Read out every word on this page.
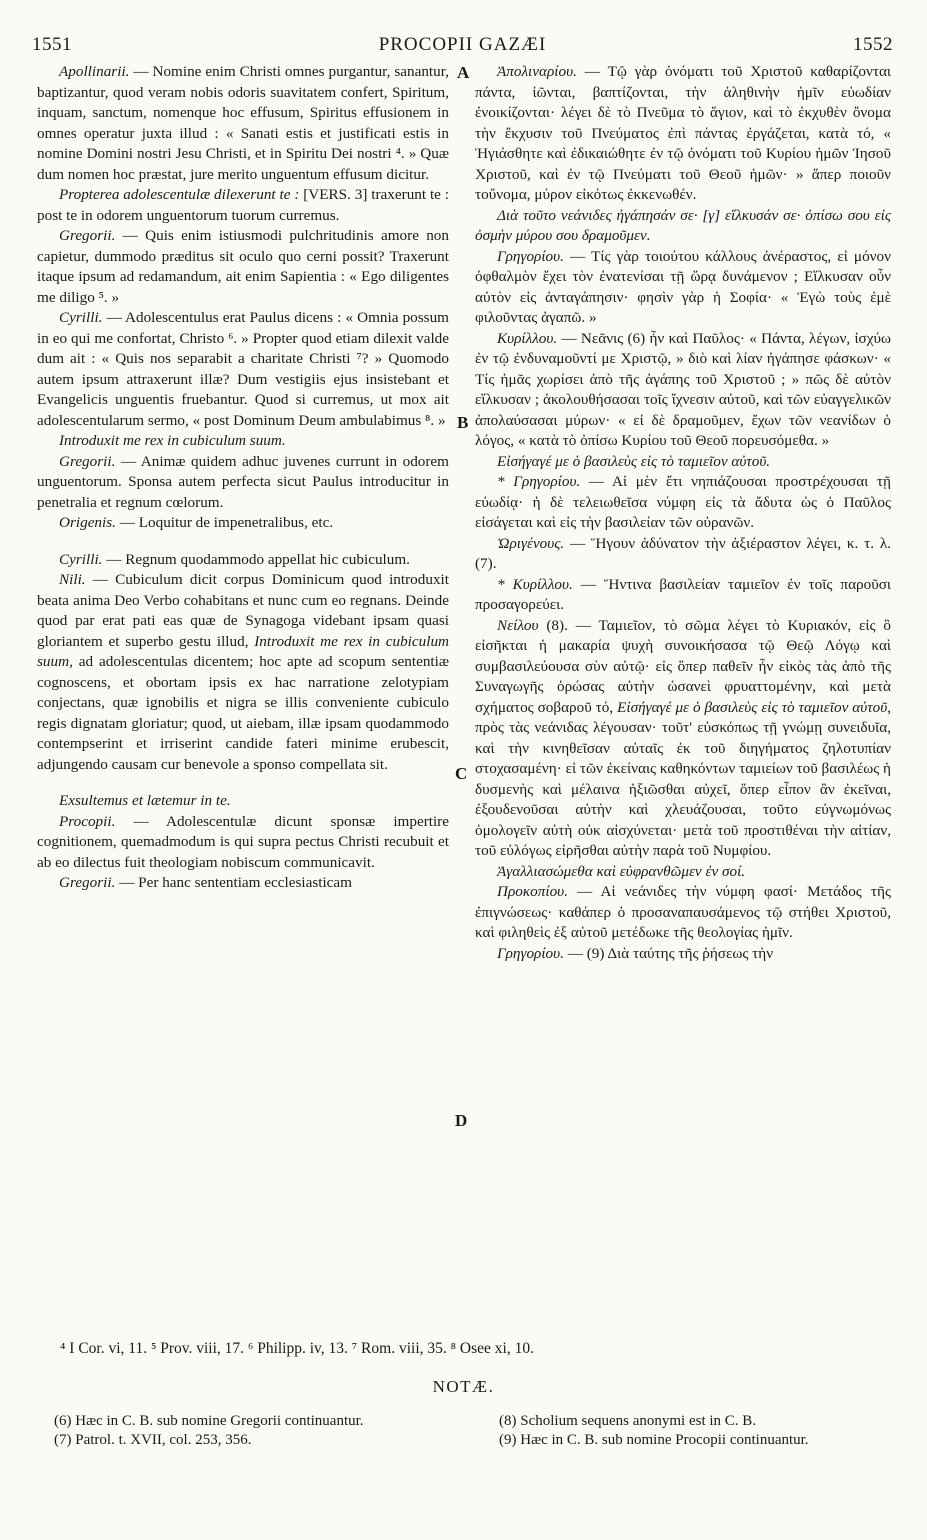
1551	PROCOPII GAZÆI	1552

Apollinarii. — Nomine enim Christi omnes purgantur, sanantur, baptizantur, quod veram nobis odoris suavitatem confert, Spiritum, inquam, sanctum, nomenque hoc effusum, Spiritus effusionem in omnes operatur juxta illud : « Sanati estis et justificati estis in nomine Domini nostri Jesu Christi, et in Spiritu Dei nostri ⁴. » Quæ dum nomen hoc præstat, jure merito unguentum effusum dicitur.

Propterea adolescentulæ dilexerunt te : [VERS. 3] traxerunt te : post te in odorem unguentorum tuorum curremus.

Gregorii. — Quis enim istiusmodi pulchritudinis amore non capietur, dummodo præditus sit oculo quo cerni possit? Traxerunt itaque ipsum ad redamandum, ait enim Sapientia : « Ego diligentes me diligo ⁵. »

Cyrilli. — Adolescentulus erat Paulus dicens : « Omnia possum in eo qui me confortat, Christo ⁶. » Propter quod etiam dilexit valde dum ait : « Quis nos separabit a charitate Christi ⁷? » Quomodo autem ipsum attraxerunt illæ? Dum vestigiis ejus insistebant et Evangelicis unguentis fruebantur. Quod si curremus, ut mox ait adolescentularum sermo, « post Dominum Deum ambulabimus ⁸. »

Introduxit me rex in cubiculum suum.

Gregorii. — Animæ quidem adhuc juvenes currunt in odorem unguentorum. Sponsa autem perfecta sicut Paulus introducitur in penetralia et regnum cœlorum.

Origenis. — Loquitur de impenetralibus, etc.

Cyrilli. — Regnum quodammodo appellat hic cubiculum.

Nili. — Cubiculum dicit corpus Dominicum quod introduxit beata anima Deo Verbo cohabitans et nunc cum eo regnans. Deinde quod par erat pati eas quæ de Synagoga videbant ipsam quasi gloriantem et superbo gestu illud, Introduxit me rex in cubiculum suum, ad adolescentulas dicentem; hoc apte ad scopum sententiæ cognoscens, et obortam ipsis ex hac narratione zelotypiam conjectans, quæ ignobilis et nigra se illis conveniente cubiculo regis dignatam gloriatur; quod, ut aiebam, illæ ipsam quodammodo contempserint et irriserint candide fateri minime erubescit, adjungendo causam cur benevole a sponso compellata sit.

Exsultemus et lætemur in te.

Procopii. — Adolescentulæ dicunt sponsæ impertire cognitionem, quemadmodum is qui supra pectus Christi recubuit et ab eo dilectus fuit theologiam nobiscum communicavit.

Gregorii. — Per hanc sententiam ecclesiasticam

Ἀπολιναρίου. — Τῷ γὰρ ὀνόματι τοῦ Χριστοῦ καθαρίζονται πάντα, ἰῶνται, βαπτίζονται, τὴν ἀληθινὴν ἡμῖν εὐωδίαν ἐνοικίζονται· λέγει δὲ τὸ Πνεῦμα τὸ ἅγιον, καὶ τὸ ἐκχυθὲν ὄνομα τὴν ἔκχυσιν τοῦ Πνεύματος ἐπὶ πάντας ἐργάζεται, κατὰ τό, « Ἡγιάσθητε καὶ ἐδικαιώθητε ἐν τῷ ὀνόματι τοῦ Κυρίου ἡμῶν Ἰησοῦ Χριστοῦ, καὶ ἐν τῷ Πνεύματι τοῦ Θεοῦ ἡμῶν· » ἅπερ ποιοῦν τοὔνομα, μύρον εἰκότως ἐκκενωθέν.

Διὰ τοῦτο νεάνιδες ἠγάπησάν σε· [γ] εἵλκυσάν σε· ὀπίσω σου εἰς ὀσμὴν μύρου σου δραμοῦμεν.

Γρηγορίου. — Τίς γὰρ τοιούτου κάλλους ἀνέραστος, εἰ μόνον ὀφθαλμὸν ἔχει τὸν ἐνατενίσαι τῇ ὥρᾳ δυνάμενον ; Εἵλκυσαν οὖν αὐτὸν εἰς ἀνταγάπησιν· φησὶν γὰρ ἡ Σοφία· « Ἐγὼ τοὺς ἐμὲ φιλοῦντας ἀγαπῶ. »

Κυρίλλου. — Νεᾶνις (6) ἦν καὶ Παῦλος· « Πάντα, λέγων, ἰσχύω ἐν τῷ ἐνδυναμοῦντί με Χριστῷ, » διὸ καὶ λίαν ἠγάπησε φάσκων· « Τίς ἡμᾶς χωρίσει ἀπὸ τῆς ἀγάπης τοῦ Χριστοῦ ; » πῶς δὲ αὐτὸν εἵλκυσαν ; ἀκολουθήσασαι τοῖς ἴχνεσιν αὐτοῦ, καὶ τῶν εὐαγγελικῶν ἀπολαύσασαι μύρων· « εἰ δὲ δραμοῦμεν, ἔχων τῶν νεανίδων ὁ λόγος, « κατὰ τὸ ὀπίσω Κυρίου τοῦ Θεοῦ πορευσόμεθα. »

Εἰσήγαγέ με ὁ βασιλεὺς εἰς τὸ ταμιεῖον αὐτοῦ.

* Γρηγορίου. — Αἱ μὲν ἔτι νηπιάζουσαι προστρέχουσαι τῇ εὐωδίᾳ· ἡ δὲ τελειωθεῖσα νύμφη εἰς τὰ ἄδυτα ὡς ὁ Παῦλος εἰσάγεται καὶ εἰς τὴν βασιλείαν τῶν οὐρανῶν.

Ὠριγένους. — Ἥγουν ἀδύνατον τὴν ἀξιέραστον λέγει, κ. τ. λ. (7).

* Κυρίλλου. — Ἥντινα βασιλείαν ταμιεῖον ἐν τοῖς παροῦσι προσαγορεύει.

Νείλου (8). — Ταμιεῖον, τὸ σῶμα λέγει τὸ Κυριακόν, εἰς ὃ εἰσῆκται ἡ μακαρία ψυχὴ συνοικήσασα τῷ Θεῷ Λόγῳ καὶ συμβασιλεύουσα σὺν αὐτῷ· εἰς ὅπερ παθεῖν ἦν εἰκὸς τὰς ἀπὸ τῆς Συναγωγῆς ὁρώσας αὐτὴν ὡσανεὶ φρυαττομένην, καὶ μετὰ σχήματος σοβαροῦ τό, Εἰσήγαγέ με ὁ βασιλεὺς εἰς τὸ ταμιεῖον αὐτοῦ, πρὸς τὰς νεάνιδας λέγουσαν· τοῦτ' εὐσκόπως τῇ γνώμῃ συνειδυῖα, καὶ τὴν κινηθεῖσαν αὐταῖς ἐκ τοῦ διηγήματος ζηλοτυπίαν στοχασαμένη· εἰ τῶν ἐκείναις καθηκόντων ταμιείων τοῦ βασιλέως ἡ δυσμενὴς καὶ μέλαινα ἠξιῶσθαι αὐχεῖ, ὅπερ εἶπον ἂν ἐκεῖναι, ἐξουδενοῦσαι αὐτὴν καὶ χλευάζουσαι, τοῦτο εὐγνωμόνως ὁμολογεῖν αὐτὴ οὐκ αἰσχύνεται· μετὰ τοῦ προστιθέναι τὴν αἰτίαν, τοῦ εὐλόγως εἰρῆσθαι αὐτὴν παρὰ τοῦ Νυμφίου.

Ἀγαλλιασώμεθα καὶ εὐφρανθῶμεν ἐν σοί.

Προκοπίου. — Αἱ νεάνιδες τὴν νύμφη φασί· Μετάδος τῆς ἐπιγνώσεως· καθάπερ ὁ προσαναπαυσάμενος τῷ στήθει Χριστοῦ, καὶ φιληθεὶς ἐξ αὐτοῦ μετέδωκε τῆς θεολογίας ἡμῖν.

Γρηγορίου. — (9) Διὰ ταύτης τῆς ῥήσεως τὴν

A
B
C
D
⁴ I Cor. vi, 11. ⁵ Prov. viii, 17. ⁶ Philipp. iv, 13. ⁷ Rom. viii, 35. ⁸ Osee xi, 10.
NOTÆ.
(6) Hæc in C. B. sub nomine Gregorii continuantur.
(7) Patrol. t. XVII, col. 253, 356.
(8) Scholium sequens anonymi est in C. B.
(9) Hæc in C. B. sub nomine Procopii continuantur.
